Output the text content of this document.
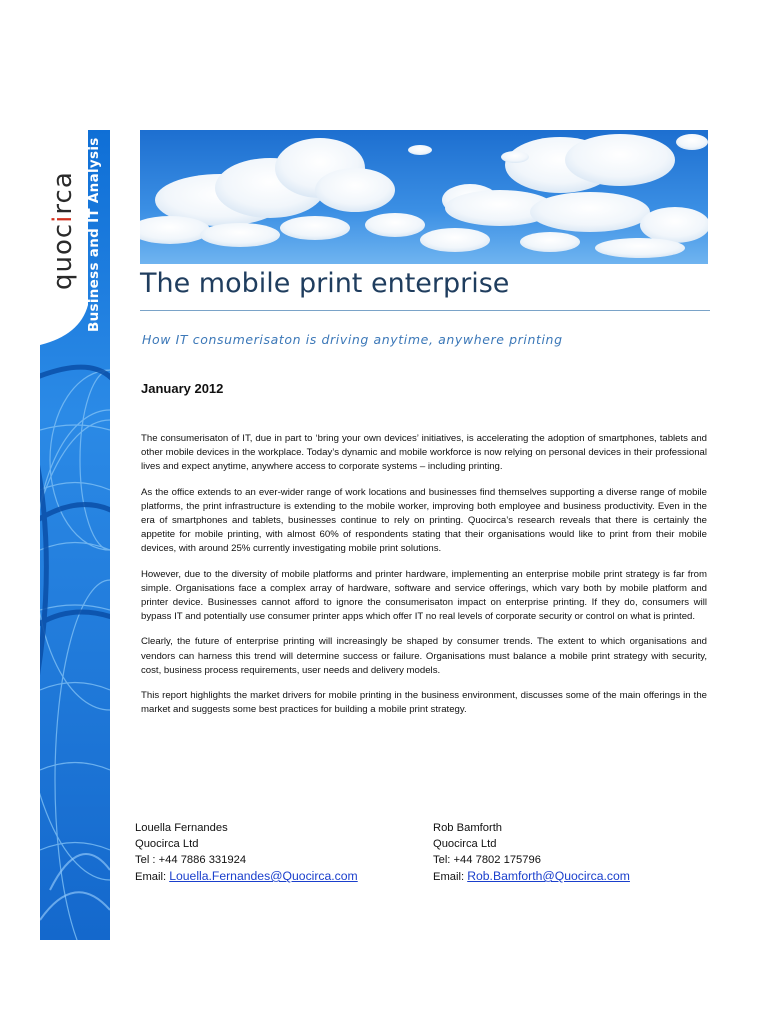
quocirca Business and IT Analysis The mobile print enterprise
How IT consumerisaton is driving anytime, anywhere printing
January 2012

The consumerisaton of IT, due in part to ‘bring your own devices’ initiatives, is accelerating the adoption of smartphones, tablets and other mobile devices in the workplace. Today’s dynamic and mobile workforce is now relying on personal devices in their professional lives and expect anytime, anywhere access to corporate systems – including printing.

As the office extends to an ever-wider range of work locations and businesses find themselves supporting a diverse range of mobile platforms, the print infrastructure is extending to the mobile worker, improving both employee and business productivity. Even in the era of smartphones and tablets, businesses continue to rely on printing. Quocirca’s research reveals that there is certainly the appetite for mobile printing, with almost 60% of respondents stating that their organisations would like to print from their mobile devices, with around 25% currently investigating mobile print solutions.

However, due to the diversity of mobile platforms and printer hardware, implementing an enterprise mobile print strategy is far from simple. Organisations face a complex array of hardware, software and service offerings, which vary both by mobile platform and printer device. Businesses cannot afford to ignore the consumerisaton impact on enterprise printing. If they do, consumers will bypass IT and potentially use consumer printer apps which offer IT no real levels of corporate security or control on what is printed.

Clearly, the future of enterprise printing will increasingly be shaped by consumer trends. The extent to which organisations and vendors can harness this trend will determine success or failure. Organisations must balance a mobile print strategy with security, cost, business process requirements, user needs and delivery models.

This report highlights the market drivers for mobile printing in the business environment, discusses some of the main offerings in the market and suggests some best practices for building a mobile print strategy.

Louella Fernandes
Quocirca Ltd
Tel : +44 7886 331924
Email: Louella.Fernandes@Quocirca.com
Rob Bamforth
Quocirca Ltd
Tel: +44 7802 175796
Email: Rob.Bamforth@Quocirca.com
